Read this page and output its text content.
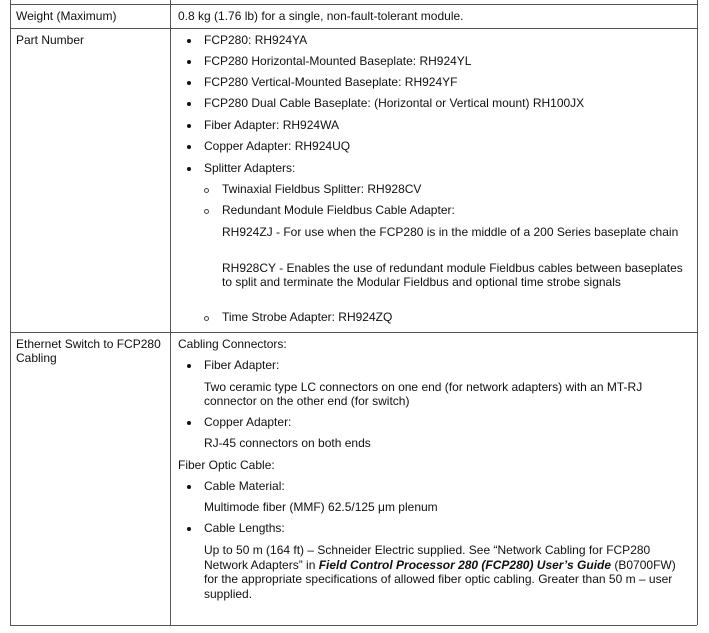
Weight (Maximum)	0.8 kg (1.76 lb) for a single, non-fault-tolerant module.
Part Number	FCP280: RH924YA
FCP280 Horizontal-Mounted Baseplate: RH924YL
FCP280 Vertical-Mounted Baseplate: RH924YF
FCP280 Dual Cable Baseplate: (Horizontal or Vertical mount) RH100JX
Fiber Adapter: RH924WA
Copper Adapter: RH924UQ
Splitter Adapters:
Twinaxial Fieldbus Splitter: RH928CV
Redundant Module Fieldbus Cable Adapter:
RH924ZJ - For use when the FCP280 is in the middle of a 200 Series baseplate chain
RH928CY - Enables the use of redundant module Fieldbus cables between baseplates to split and terminate the Modular Fieldbus and optional time strobe signals
Time Strobe Adapter: RH924ZQ
Ethernet Switch to FCP280 Cabling
Cabling Connectors:
Fiber Adapter:
Two ceramic type LC connectors on one end (for network adapters) with an MT-RJ connector on the other end (for switch)
Copper Adapter:
RJ-45 connectors on both ends
Fiber Optic Cable:
Cable Material:
Multimode fiber (MMF) 62.5/125 μm plenum
Cable Lengths:
Up to 50 m (164 ft) – Schneider Electric supplied. See “Network Cabling for FCP280 Network Adapters” in Field Control Processor 280 (FCP280) User’s Guide (B0700FW) for the appropriate specifications of allowed fiber optic cabling. Greater than 50 m – user supplied.
